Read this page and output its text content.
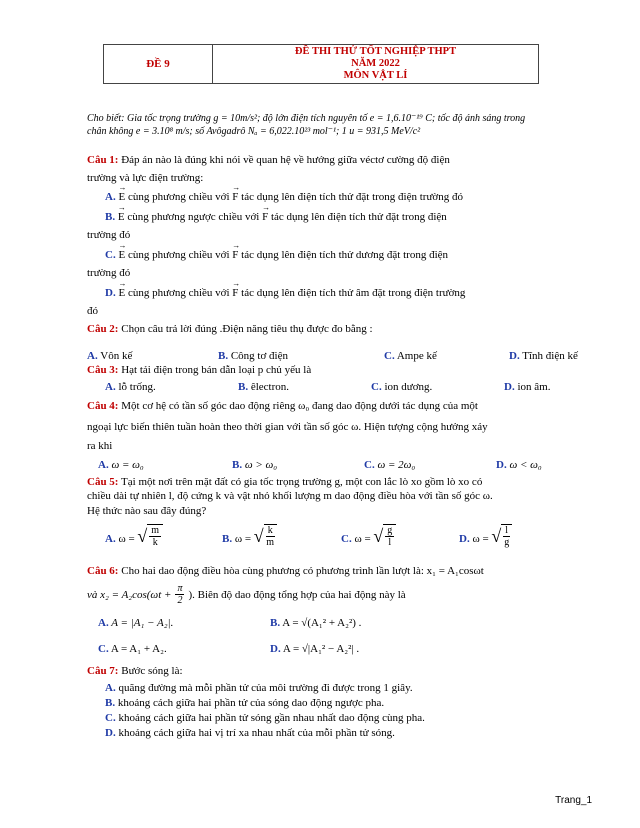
ĐỀ 9
ĐỀ THI THỬ TỐT NGHIỆP THPT
NĂM 2022
MÔN VẬT LÍ
Cho biết: Gia tốc trọng trường g = 10m/s²; độ lớn điện tích nguyên tố e = 1,6.10⁻¹⁹ C; tốc độ ánh sáng trong
chân không e = 3.10⁸ m/s; số Avôgadrô Nₐ = 6,022.10²³ mol⁻¹; 1 u = 931,5 MeV/c²
Câu 1: Đáp án nào là đúng khi nói về quan hệ về hướng giữa véctơ cường độ điện
trường và lực điện trường:
A. → E cùng phương chiều với → F tác dụng lên điện tích thử đặt trong điện trường đó
B. → E cùng phương ngược chiều với → F tác dụng lên điện tích thử đặt trong điện
trường đó
C. → E cùng phương chiều với → F tác dụng lên điện tích thử dương đặt trong điện
trường đó
D. → E cùng phương chiều với → F tác dụng lên điện tích thử âm đặt trong điện trường
đó
Câu 2: Chọn câu trả lời đúng .Điện năng tiêu thụ được đo bằng :
A. Vôn kế	B. Công tơ điện	C. Ampe kế	D. Tĩnh điện kế
Câu 3: Hạt tải điện trong bán dẫn loại p chủ yếu là
A. lỗ trống.	B. êlectron.	C. ion dương.	D. ion âm.
Câu 4: Một cơ hệ có tần số góc dao động riêng ω₀ đang dao động dưới tác dụng của một
ngoại lực biến thiên tuần hoàn theo thời gian với tần số góc ω. Hiện tượng cộng hưởng xảy
ra khi
A. ω = ω₀	B. ω > ω₀	C. ω = 2ω₀	D. ω < ω₀
Câu 5: Tại một nơi trên mặt đất có gia tốc trọng trường g, một con lắc lò xo gồm lò xo có
chiều dài tự nhiên l, độ cứng k và vật nhỏ khối lượng m dao động điều hòa với tần số góc ω.
Hệ thức nào sau đây đúng?
A. ω = √ $\frac{m}{k}$	B. ω = √ $\frac{k}{m}$	C. ω = √ $\frac{g}{l}$	D. ω = √ $\frac{l}{g}$
Câu 6: Cho hai dao động điều hòa cùng phương có phương trình lần lượt là: x₁ = A₁cosωt
và $x_2 = A_2\cos(\omega t + \frac{\pi}{2}$ ). Biên độ dao động tổng hợp của hai động này là
A. A = |A₁ − A₂|.	B. A = √(A₁² + A₂²) .
C. A = A₁ + A₂.	D. A = √|A₁² − A₂²| .
Câu 7: Bước sóng là:
A. quãng đường mà mỗi phần tử của môi trường đi được trong 1 giây.
B. khoảng cách giữa hai phần tử của sóng dao động ngược pha.
C. khoảng cách giữa hai phần tử sóng gần nhau nhất dao động cùng pha.
D. khoảng cách giữa hai vị trí xa nhau nhất của mỗi phần tử sóng.
Trang_1
